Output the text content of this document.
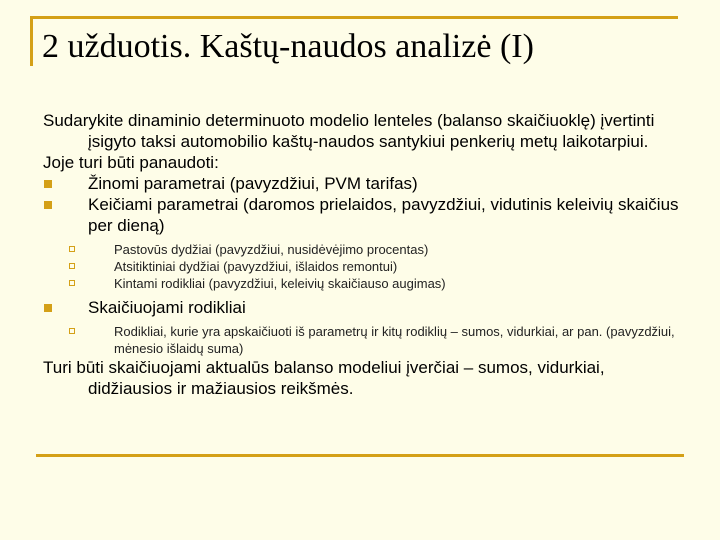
2 užduotis. Kaštų-naudos analizė (I)
Sudarykite dinaminio determinuoto modelio lenteles (balanso skaičiuoklę) įvertinti įsigyto taksi automobilio kaštų-naudos santykiui penkerių metų laikotarpiui.
Joje turi būti panaudoti:
Žinomi parametrai (pavyzdžiui, PVM tarifas)
Keičiami parametrai (daromos prielaidos, pavyzdžiui, vidutinis keleivių skaičius per dieną)
Pastovūs dydžiai (pavyzdžiui, nusidėvėjimo procentas)
Atsitiktiniai dydžiai (pavyzdžiui, išlaidos remontui)
Kintami rodikliai (pavyzdžiui, keleivių skaičiauso augimas)
Skaičiuojami rodikliai
Rodikliai, kurie yra apskaičiuoti iš parametrų ir kitų rodiklių – sumos, vidurkiai, ar pan. (pavyzdžiui, mėnesio išlaidų suma)
Turi būti skaičiuojami aktualūs balanso modeliui įverčiai – sumos, vidurkiai, didžiausios ir mažiausios reikšmės.
